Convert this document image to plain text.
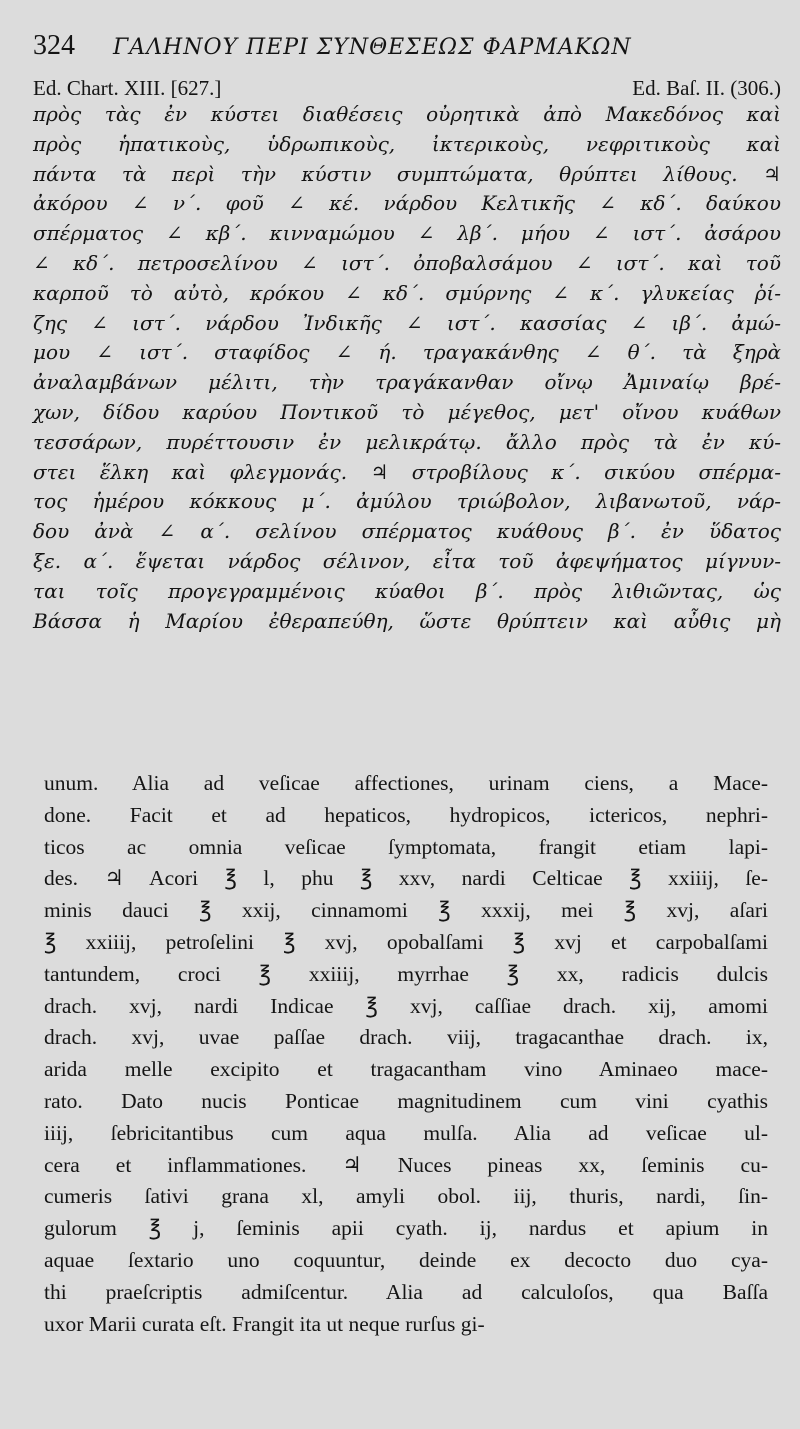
324 ΓΑΛΗΝΟΥ ΠΕΡΙ ΣΥΝΘΕΣΕΩΣ ΦΑΡΜΑΚΩΝ
Ed. Chart. XIII. [627.]	Ed. Baſ. II. (306.)
πρὸς τὰς ἐν κύστει διαθέσεις οὐρητικὰ ἀπὸ Μακεδόνος καὶ
πρὸς ἡπατικοὺς, ὑδρωπικοὺς, ἰκτερικοὺς, νεφριτικοὺς καὶ
πάντα τὰ περὶ τὴν κύστιν συμπτώματα, θρύπτει λίθους. ♃
ἀκόρου ∠ ν΄. φοῦ ∠ κέ. νάρδου Κελτικῆς ∠ κδ΄. δαύκου
σπέρματος ∠ κβ΄. κινναμώμου ∠ λβ΄. μήου ∠ ιστ΄. ἀσάρου
∠ κδ΄. πετροσελίνου ∠ ιστ΄. ὀποβαλσάμου ∠ ιστ΄. καὶ τοῦ
καρποῦ τὸ αὐτὸ, κρόκου ∠ κδ΄. σμύρνης ∠ κ΄. γλυκείας ῥί-
ζης ∠ ιστ΄. νάρδου Ἰνδικῆς ∠ ιστ΄. κασσίας ∠ ιβ΄. ἀμώ-
μου ∠ ιστ΄. σταφίδος ∠ ή. τραγακάνθης ∠ θ΄. τὰ ξηρὰ
ἀναλαμβάνων μέλιτι, τὴν τραγάκανθαν οἴνῳ Ἀμιναίῳ βρέ-
χων, δίδου καρύου Ποντικοῦ τὸ μέγεθος, μετ' οἴνου κυάθων
τεσσάρων, πυρέττουσιν ἐν μελικράτῳ. ἄλλο πρὸς τὰ ἐν κύ-
στει ἕλκη καὶ φλεγμονάς. ♃ στροβίλους κ΄. σικύου σπέρμα-
τος ἡμέρου κόκκους μ΄. ἀμύλου τριώβολον, λιβανωτοῦ, νάρ-
δου ἀνὰ ∠ α΄. σελίνου σπέρματος κυάθους β΄. ἐν ὕδατος
ξε. α΄. ἕψεται νάρδος σέλινον, εἶτα τοῦ ἀφεψήματος μίγνυν-
ται τοῖς προγεγραμμένοις κύαθοι β΄. πρὸς λιθιῶντας, ὡς
Βάσσα ἡ Μαρίου ἐθεραπεύθη, ὥστε θρύπτειν καὶ αὖθις μὴ
unum. Alia ad veſicae affectiones, urinam ciens, a Mace-
done. Facit et ad hepaticos, hydropicos, ictericos, nephri-
ticos ac omnia veſicae ſymptomata, frangit etiam lapi-
des. ♃ Acori ℥ l, phu ℥ xxv, nardi Celticae ℥ xxiiij, ſe-
minis dauci ℥ xxij, cinnamomi ℥ xxxij, mei ℥ xvj, aſari
℥ xxiiij, petroſelini ℥ xvj, opobalſami ℥ xvj et carpobalſami
tantundem, croci ℥ xxiiij, myrrhae ℥ xx, radicis dulcis
drach. xvj, nardi Indicae ℥ xvj, caſſiae drach. xij, amomi
drach. xvj, uvae paſſae drach. viij, tragacanthae drach. ix,
arida melle excipito et tragacantham vino Aminaeo mace-
rato. Dato nucis Ponticae magnitudinem cum vini cyathis
iiij, ſebricitantibus cum aqua mulſa. Alia ad veſicae ul-
cera et inflammationes. ♃ Nuces pineas xx, ſeminis cu-
cumeris ſativi grana xl, amyli obol. iij, thuris, nardi, ſin-
gulorum ℥ j, ſeminis apii cyath. ij, nardus et apium in
aquae ſextario uno coquuntur, deinde ex decocto duo cya-
thi praeſcriptis admiſcentur. Alia ad calculoſos, qua Baſſa
uxor Marii curata eſt. Frangit ita ut neque rurſus gi-
